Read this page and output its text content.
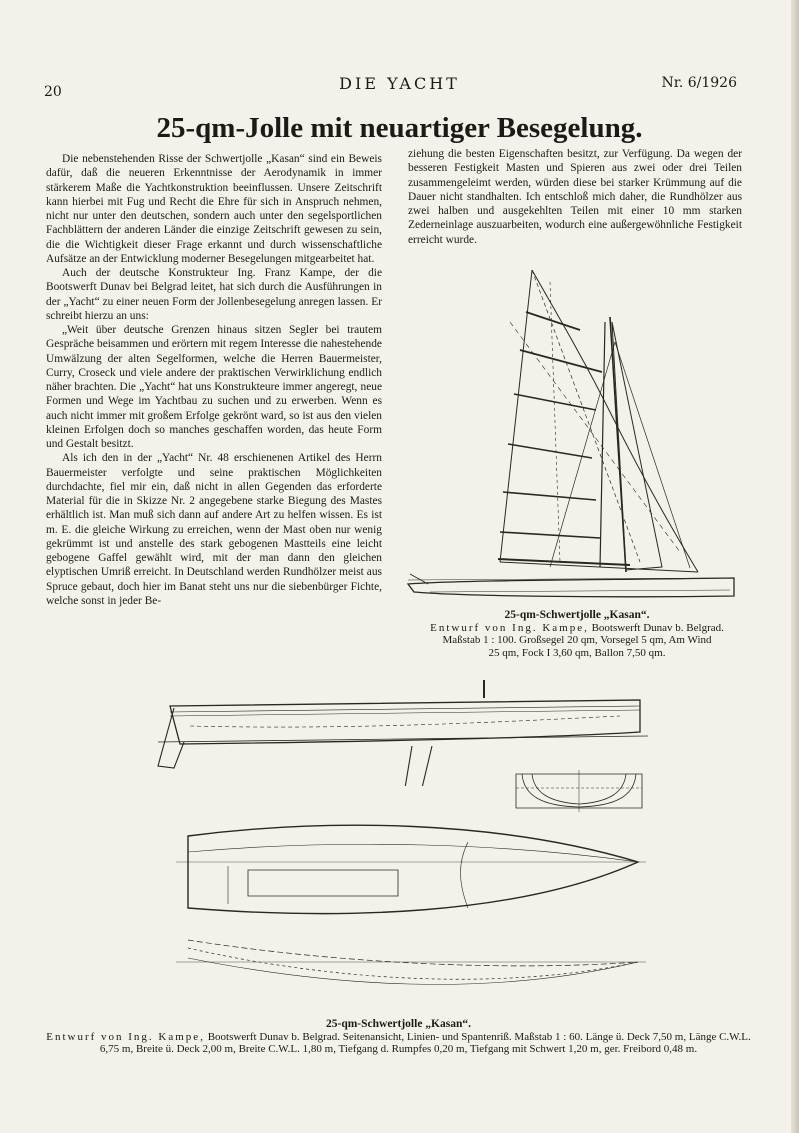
20	DIE YACHT	Nr. 6/1926
25-qm-Jolle mit neuartiger Besegelung.

Die nebenstehenden Risse der Schwertjolle „Kasan“ sind ein Beweis dafür, daß die neueren Erkenntnisse der Aerodynamik in immer stärkerem Maße die Yachtkonstruktion beeinflussen. Unsere Zeitschrift kann hierbei mit Fug und Recht die Ehre für sich in Anspruch nehmen, nicht nur unter den deutschen, sondern auch unter den segelsportlichen Fachblättern der anderen Länder die einzige Zeitschrift gewesen zu sein, die die Wichtigkeit dieser Frage erkannt und durch wissenschaftliche Aufsätze an der Entwicklung moderner Besegelungen mitgearbeitet hat.

Auch der deutsche Konstrukteur Ing. Franz Kampe, der die Bootswerft Dunav bei Belgrad leitet, hat sich durch die Ausführungen in der „Yacht“ zu einer neuen Form der Jollenbesegelung anregen lassen. Er schreibt hierzu an uns:

„Weit über deutsche Grenzen hinaus sitzen Segler bei trautem Gespräche beisammen und erörtern mit regem Interesse die nahestehende Umwälzung der alten Segelformen, welche die Herren Bauermeister, Curry, Croseck und viele andere der praktischen Verwirklichung endlich näher brachten. Die „Yacht“ hat uns Konstrukteure immer angeregt, neue Formen und Wege im Yachtbau zu suchen und zu erwerben. Wenn es auch nicht immer mit großem Erfolge gekrönt ward, so ist aus den vielen kleinen Erfolgen doch so manches geschaffen worden, das heute Form und Gestalt besitzt.

Als ich den in der „Yacht“ Nr. 48 erschienenen Artikel des Herrn Bauermeister verfolgte und seine praktischen Möglichkeiten durchdachte, fiel mir ein, daß nicht in allen Gegenden das erforderte Material für die in Skizze Nr. 2 angegebene starke Biegung des Mastes erhältlich ist. Man muß sich dann auf andere Art zu helfen wissen. Es ist m. E. die gleiche Wirkung zu erreichen, wenn der Mast oben nur wenig gekrümmt ist und anstelle des stark gebogenen Mastteils eine leicht gebogene Gaffel gewählt wird, mit der man dann den gleichen elyptischen Umriß erreicht. In Deutschland werden Rundhölzer meist aus Spruce gebaut, doch hier im Banat steht uns nur die siebenbürger Fichte, welche sonst in jeder Be-

ziehung die besten Eigenschaften besitzt, zur Verfügung. Da wegen der besseren Festigkeit Masten und Spieren aus zwei oder drei Teilen zusammengeleimt werden, würden diese bei starker Krümmung auf die Dauer nicht standhalten. Ich entschloß mich daher, die Rundhölzer aus zwei halben und ausgekehlten Teilen mit einer 10 mm starken Zederneinlage auszuarbeiten, wodurch eine außergewöhnliche Festigkeit erreicht wurde.

25-qm-Schwertjolle „Kasan“.
Entwurf von Ing. Kampe, Bootswerft Dunav b. Belgrad.
Maßstab 1 : 100. Großsegel 20 qm, Vorsegel 5 qm, Am Wind
25 qm, Fock I 3,60 qm, Ballon 7,50 qm.
25-qm-Schwertjolle „Kasan“.
Entwurf von Ing. Kampe, Bootswerft Dunav b. Belgrad. Seitenansicht, Linien- und Spantenriß. Maßstab 1 : 60. Länge ü. Deck 7,50 m, Länge C.W.L. 6,75 m, Breite ü. Deck 2,00 m, Breite C.W.L. 1,80 m, Tiefgang d. Rumpfes 0,20 m, Tiefgang mit Schwert 1,20 m, ger. Freibord 0,48 m.
